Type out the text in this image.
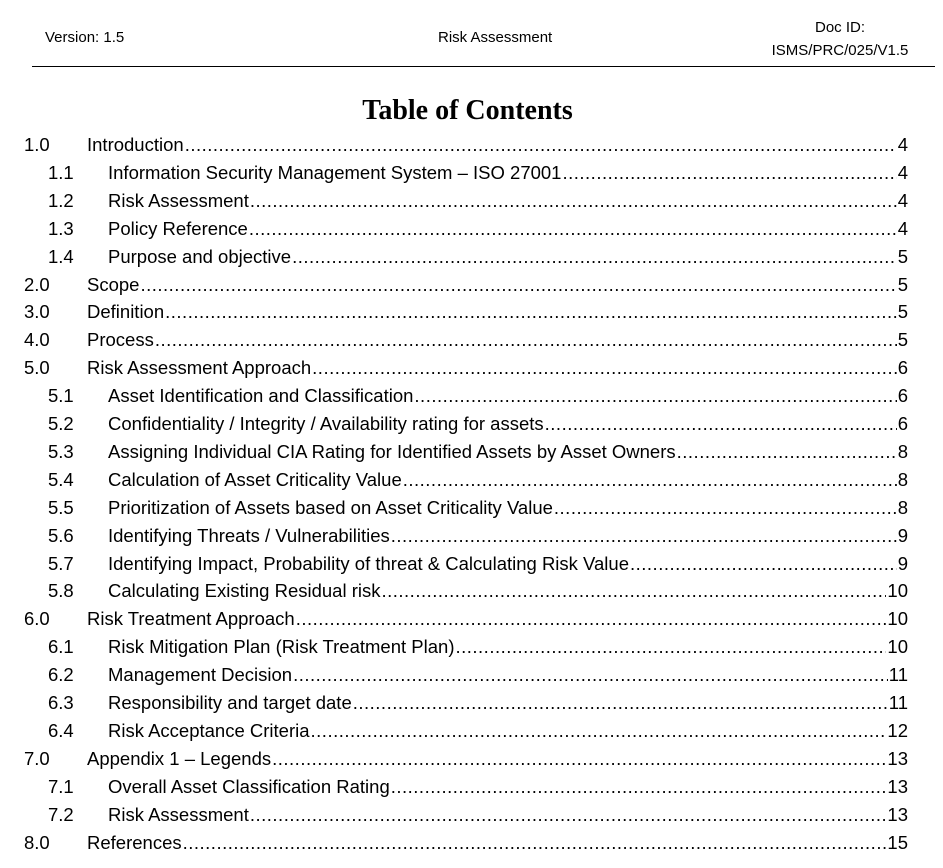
Version: 1.5	Risk Assessment
Doc ID:
ISMS/PRC/025/V1.5
Table of Contents
1.0	Introduction .....	4
1.1	Information Security Management System – ISO 27001 .....	4
1.2	Risk Assessment .....	4
1.3	Policy Reference .....	4
1.4	Purpose and objective .....	5
2.0	Scope .....	5
3.0	Definition .....	5
4.0	Process .....	5
5.0	Risk Assessment Approach .....	6
5.1	Asset Identification and Classification .....	6
5.2	Confidentiality / Integrity / Availability rating for assets .....	6
5.3	Assigning Individual CIA Rating for Identified Assets by Asset Owners .....	8
5.4	Calculation of Asset Criticality Value .....	8
5.5	Prioritization of Assets based on Asset Criticality Value .....	8
5.6	Identifying Threats / Vulnerabilities .....	9
5.7	Identifying Impact, Probability of threat & Calculating Risk Value .....	9
5.8	Calculating Existing Residual risk .....	10
6.0	Risk Treatment Approach .....	10
6.1	Risk Mitigation Plan (Risk Treatment Plan) .....	10
6.2	Management Decision .....	11
6.3	Responsibility and target date .....	11
6.4	Risk Acceptance Criteria .....	12
7.0	Appendix 1 – Legends .....	13
7.1	Overall Asset Classification Rating .....	13
7.2	Risk Assessment .....	13
8.0	References .....	15
